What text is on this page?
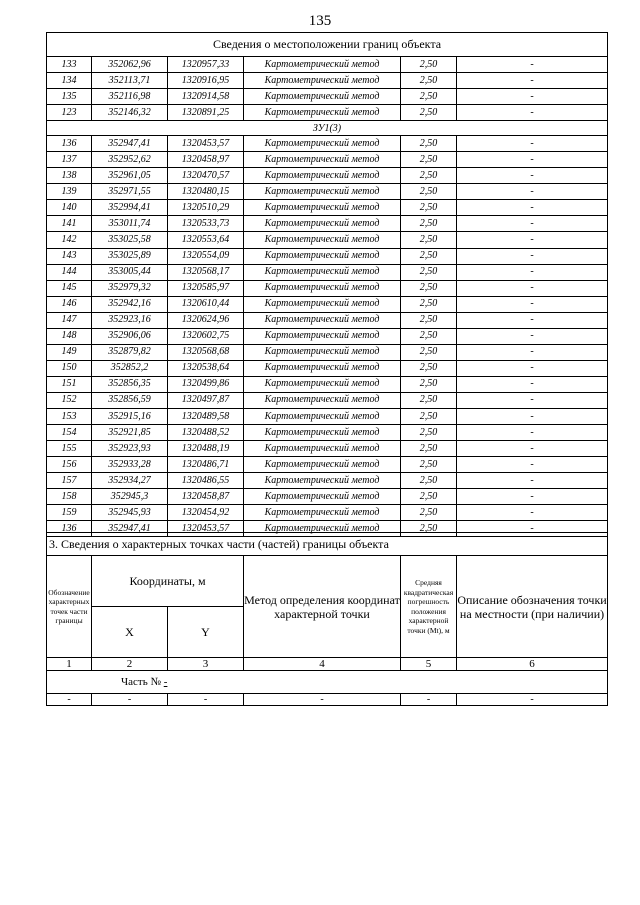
135
Сведения о местоположении границ объекта					
133	352062,96	1320957,33	Картометрический метод	2,50	-
134	352113,71	1320916,95	Картометрический метод	2,50	-
135	352116,98	1320914,58	Картометрический метод	2,50	-
123	352146,32	1320891,25	Картометрический метод	2,50	-
ЗУ1(3)					
136	352947,41	1320453,57	Картометрический метод	2,50	-
137	352952,62	1320458,97	Картометрический метод	2,50	-
138	352961,05	1320470,57	Картометрический метод	2,50	-
139	352971,55	1320480,15	Картометрический метод	2,50	-
140	352994,41	1320510,29	Картометрический метод	2,50	-
141	353011,74	1320533,73	Картометрический метод	2,50	-
142	353025,58	1320553,64	Картометрический метод	2,50	-
143	353025,89	1320554,09	Картометрический метод	2,50	-
144	353005,44	1320568,17	Картометрический метод	2,50	-
145	352979,32	1320585,97	Картометрический метод	2,50	-
146	352942,16	1320610,44	Картометрический метод	2,50	-
147	352923,16	1320624,96	Картометрический метод	2,50	-
148	352906,06	1320602,75	Картометрический метод	2,50	-
149	352879,82	1320568,68	Картометрический метод	2,50	-
150	352852,2	1320538,64	Картометрический метод	2,50	-
151	352856,35	1320499,86	Картометрический метод	2,50	-
152	352856,59	1320497,87	Картометрический метод	2,50	-
153	352915,16	1320489,58	Картометрический метод	2,50	-
154	352921,85	1320488,52	Картометрический метод	2,50	-
155	352923,93	1320488,19	Картометрический метод	2,50	-
156	352933,28	1320486,71	Картометрический метод	2,50	-
157	352934,27	1320486,55	Картометрический метод	2,50	-
158	352945,3	1320458,87	Картометрический метод	2,50	-
159	352945,93	1320454,92	Картометрический метод	2,50	-
136	352947,41	1320453,57	Картометрический метод	2,50	-
3. Сведения о характерных точках части (частей) границы объекта					
Обозначение характерных точек части границы	Координаты, м		Метод определения координат характерной точки	Средняя квадратическая погрешность положения характерной точки (Mt), м	Описание обозначения точки на местности (при наличии)
	X	Y			
1	2	3	4	5	6
Часть № -					
-	-	-	-	-	-
